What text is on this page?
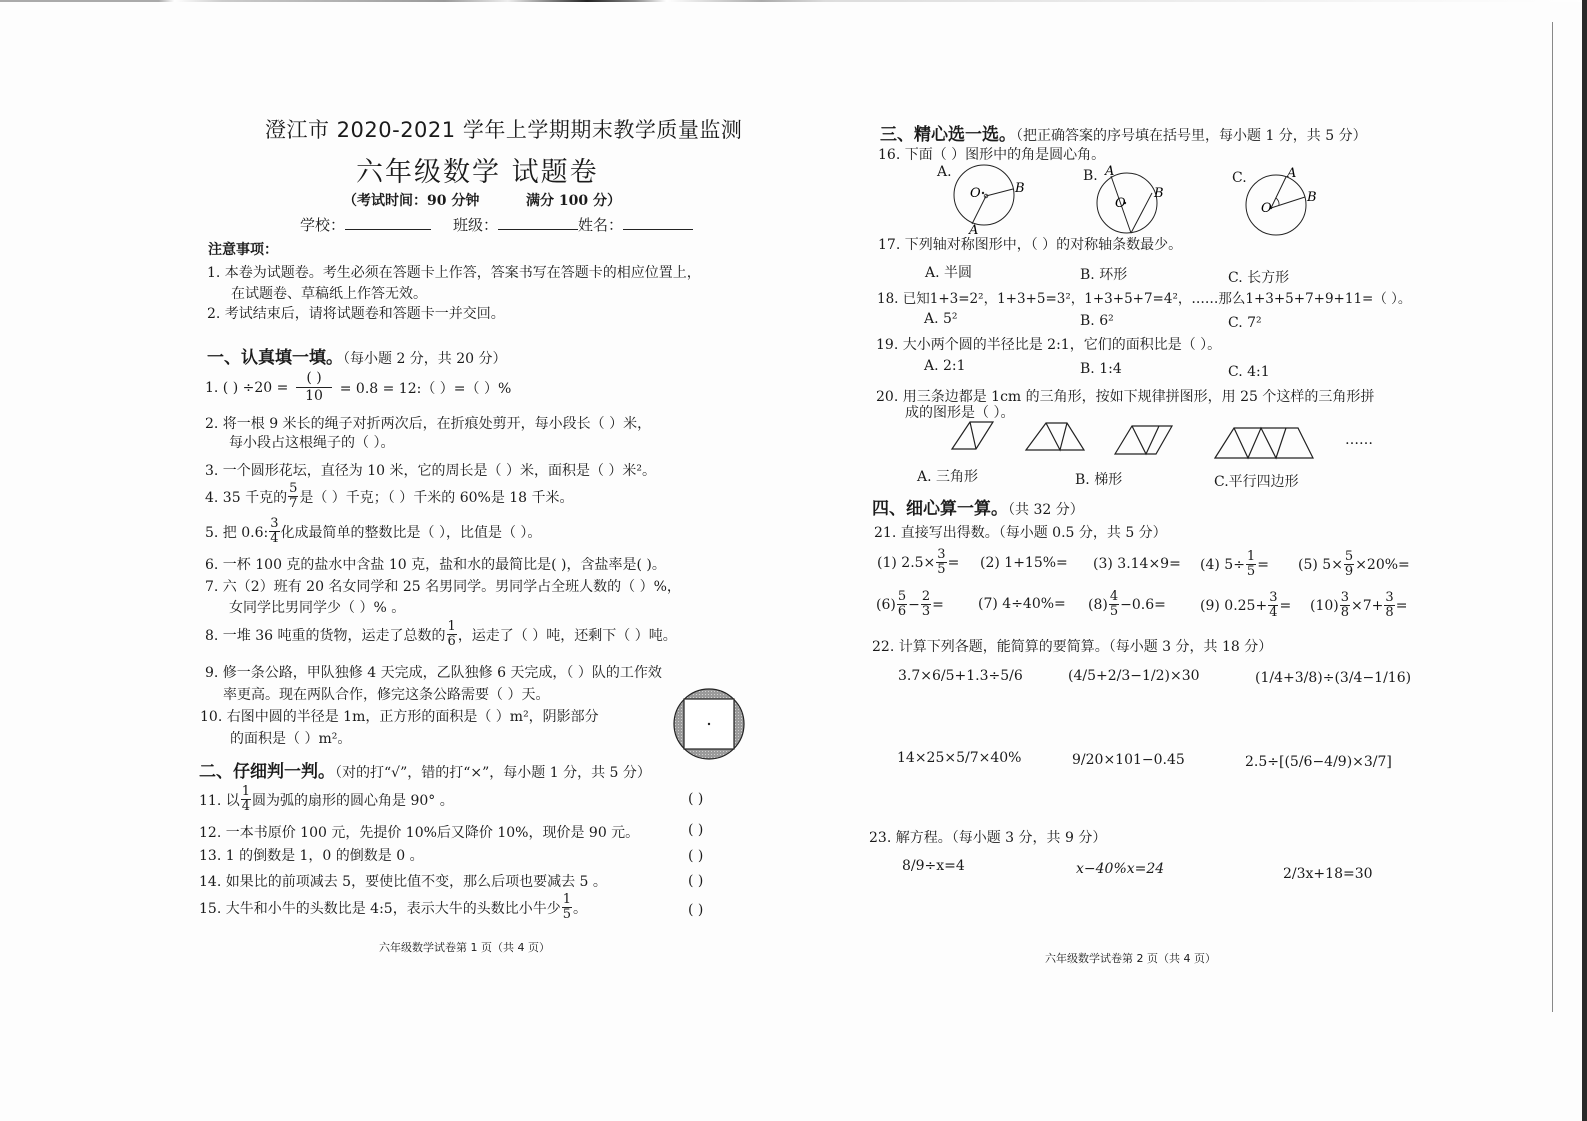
澄江市 2020-2021 学年上学期期末教学质量监测
六年级数学 试题卷
（考试时间：90 分钟	满分 100 分）
学校：	班级：	姓名：
注意事项：
1. 本卷为试题卷。考生必须在答题卡上作答，答案书写在答题卡的相应位置上，
在试题卷、草稿纸上作答无效。
2. 考试结束后，请将试题卷和答题卡一并交回。
一、认真填一填。（每小题 2 分，共 20 分）
1. ( ) $\div 20 = \frac{( )}{10} = 0.8$ = 12:（ ）=（ ）%
2. 将一根 9 米长的绳子对折两次后，在折痕处剪开，每小段长（ ）米，
每小段占这根绳子的（ ）。
3. 一个圆形花坛，直径为 10 米，它的周长是（ ）米，面积是（ ）米²。
4. 35 千克的 $\frac{5}{7}$ 是（ ）千克；（ ）千米的 60%是 18 千米。
5. 把 0.6: $\frac{3}{4}$ 化成最简单的整数比是（ ），比值是（ ）。
6. 一杯 100 克的盐水中含盐 10 克，盐和水的最简比是( )，含盐率是( )。
7. 六（2）班有 20 名女同学和 25 名男同学。男同学占全班人数的（ ）%，
女同学比男同学少（ ）% 。
8. 一堆 36 吨重的货物，运走了总数的 $\frac{1}{6}$ ，运走了（ ）吨，还剩下（ ）吨。
9. 修一条公路，甲队独修 4 天完成，乙队独修 6 天完成，（ ）队的工作效
率更高。现在两队合作，修完这条公路需要（ ）天。
10. 右图中圆的半径是 1m，正方形的面积是（ ）m²，阴影部分
的面积是（ ）m²。
二、仔细判一判。（对的打“√”，错的打“×”，每小题 1 分，共 5 分）
11. 以 $\frac{1}{4}$ 圆为弧的扇形的圆心角是 90° 。	( )
12. 一本书原价 100 元，先提价 10%后又降价 10%，现价是 90 元。	( )
13. 1 的倒数是 1，0 的倒数是 0 。	( )
14. 如果比的前项减去 5，要使比值不变，那么后项也要减去 5 。	( )
15. 大牛和小牛的头数比是 4:5，表示大牛的头数比小牛少 $\frac{1}{5}$ 。	( )
六年级数学试卷第 1 页（共 4 页）
三、精心选一选。（把正确答案的序号填在括号里，每小题 1 分，共 5 分）
16. 下面（ ）图形中的角是圆心角。
A.
O	B
A
B.
O
A
B
C.
O
A
B
17. 下列轴对称图形中，（ ）的对称轴条数最少。
A. 半圆	B. 环形	C. 长方形
18. 已知1+3=2²，1+3+5=3²，1+3+5+7=4²，……那么1+3+5+7+9+11=（ ）。
A. 5²	B. 6²	C. 7²
19. 大小两个圆的半径比是 2:1，它们的面积比是（ ）。
A. 2:1	B. 1:4	C. 4:1
20. 用三条边都是 1cm 的三角形，按如下规律拼图形，用 25 个这样的三角形拼
成的图形是（ ）。
……
A. 三角形	B. 梯形	C.平行四边形
四、细心算一算。（共 32 分）
21. 直接写出得数。（每小题 0.5 分，共 5 分）
(1) $2.5\times \frac{3}{5} = (2)$ 1+15%= (3) 3.14×9= (4) $5\div \frac{1}{5} = (5)$ $5\times \frac{5}{9} \times 20\%=$
$(6) \frac{5}{6} - \frac{2}{3} = (7)$ $4\div 40\%= (8) \frac{4}{5} -0.6= (9)$ $0.25+ \frac{3}{4} = (10) \frac{3}{8} \times 7+ \frac{3}{8}$ =
22. 计算下列各题，能简算的要简算。（每小题 3 分，共 18 分）
3.7×6/5+1.3÷5/6	(4/5+2/3−1/2)×30	(1/4+3/8)÷(3/4−1/16)
14×25×5/7×40%	9/20×101−0.45	2.5÷[(5/6−4/9)×3/7]
23. 解方程。（每小题 3 分，共 9 分）
8/9÷x=4	x−40%x=24	2/3x+18=30
六年级数学试卷第 2 页（共 4 页）
